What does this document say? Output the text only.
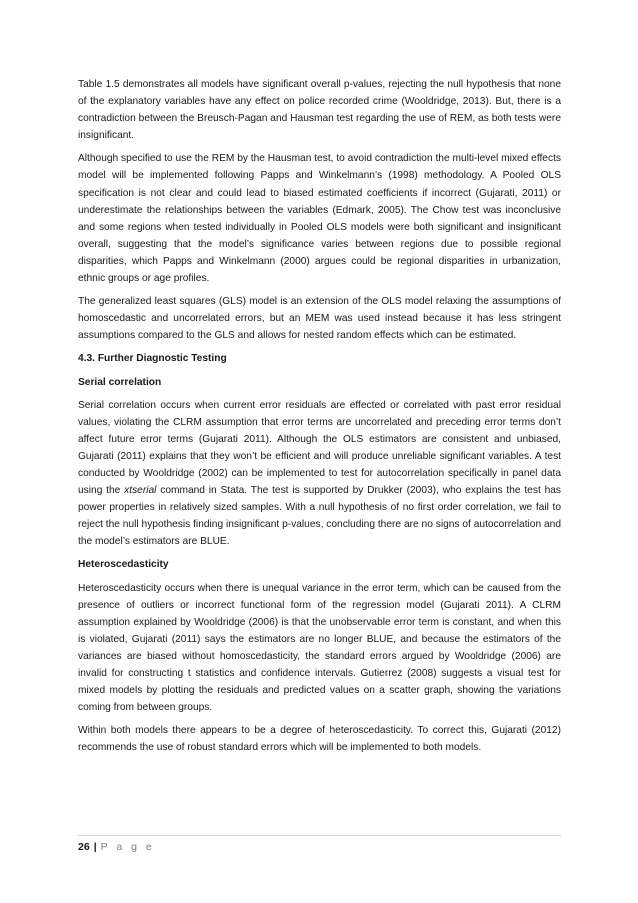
Table 1.5 demonstrates all models have significant overall p-values, rejecting the null hypothesis that none of the explanatory variables have any effect on police recorded crime (Wooldridge, 2013). But, there is a contradiction between the Breusch-Pagan and Hausman test regarding the use of REM, as both tests were insignificant.

Although specified to use the REM by the Hausman test, to avoid contradiction the multi-level mixed effects model will be implemented following Papps and Winkelmann’s (1998) methodology. A Pooled OLS specification is not clear and could lead to biased estimated coefficients if incorrect (Gujarati, 2011) or underestimate the relationships between the variables (Edmark, 2005). The Chow test was inconclusive and some regions when tested individually in Pooled OLS models were both significant and insignificant overall, suggesting that the model’s significance varies between regions due to possible regional disparities, which Papps and Winkelmann (2000) argues could be regional disparities in urbanization, ethnic groups or age profiles.

The generalized least squares (GLS) model is an extension of the OLS model relaxing the assumptions of homoscedastic and uncorrelated errors, but an MEM was used instead because it has less stringent assumptions compared to the GLS and allows for nested random effects which can be estimated.

4.3. Further Diagnostic Testing

Serial correlation

Serial correlation occurs when current error residuals are effected or correlated with past error residual values, violating the CLRM assumption that error terms are uncorrelated and preceding error terms don’t affect future error terms (Gujarati 2011). Although the OLS estimators are consistent and unbiased, Gujarati (2011) explains that they won’t be efficient and will produce unreliable significant variables. A test conducted by Wooldridge (2002) can be implemented to test for autocorrelation specifically in panel data using the xtserial command in Stata. The test is supported by Drukker (2003), who explains the test has power properties in relatively sized samples. With a null hypothesis of no first order correlation, we fail to reject the null hypothesis finding insignificant p-values, concluding there are no signs of autocorrelation and the model’s estimators are BLUE.

Heteroscedasticity

Heteroscedasticity occurs when there is unequal variance in the error term, which can be caused from the presence of outliers or incorrect functional form of the regression model (Gujarati 2011). A CLRM assumption explained by Wooldridge (2006) is that the unobservable error term is constant, and when this is violated, Gujarati (2011) says the estimators are no longer BLUE, and because the estimators of the variances are biased without homoscedasticity, the standard errors argued by Wooldridge (2006) are invalid for constructing t statistics and confidence intervals. Gutierrez (2008) suggests a visual test for mixed models by plotting the residuals and predicted values on a scatter graph, showing the variations coming from between groups.

Within both models there appears to be a degree of heteroscedasticity. To correct this, Gujarati (2012) recommends the use of robust standard errors which will be implemented to both models.

26 | P a g e
